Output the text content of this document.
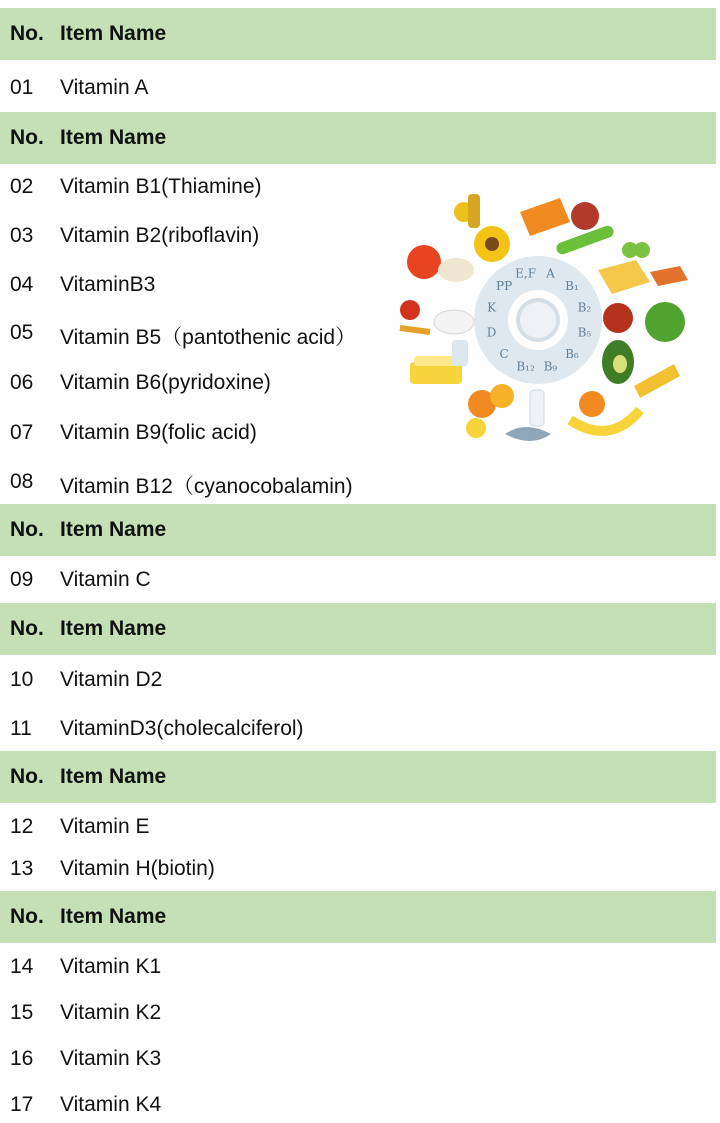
No. Item Name
No. Item Name
No. Item Name
No. Item Name
No. Item Name
No. Item Name
01 Vitamin A
02 Vitamin B1(Thiamine)
03 Vitamin B2(riboflavin)
04 VitaminB3
05 Vitamin B5（pantothenic acid）
06 Vitamin B6(pyridoxine)
07 Vitamin B9(folic acid)
08 Vitamin B12（cyanocobalamin)
09 Vitamin C
10 Vitamin D2
11 VitaminD3(cholecalciferol)
12 Vitamin E
13 Vitamin H(biotin)
14 Vitamin K1
15 Vitamin K2
16 Vitamin K3
17 Vitamin K4
A
B₁
B₂
B₅
B₆
B₉
B₁₂
C
D
K
PP
E,F
